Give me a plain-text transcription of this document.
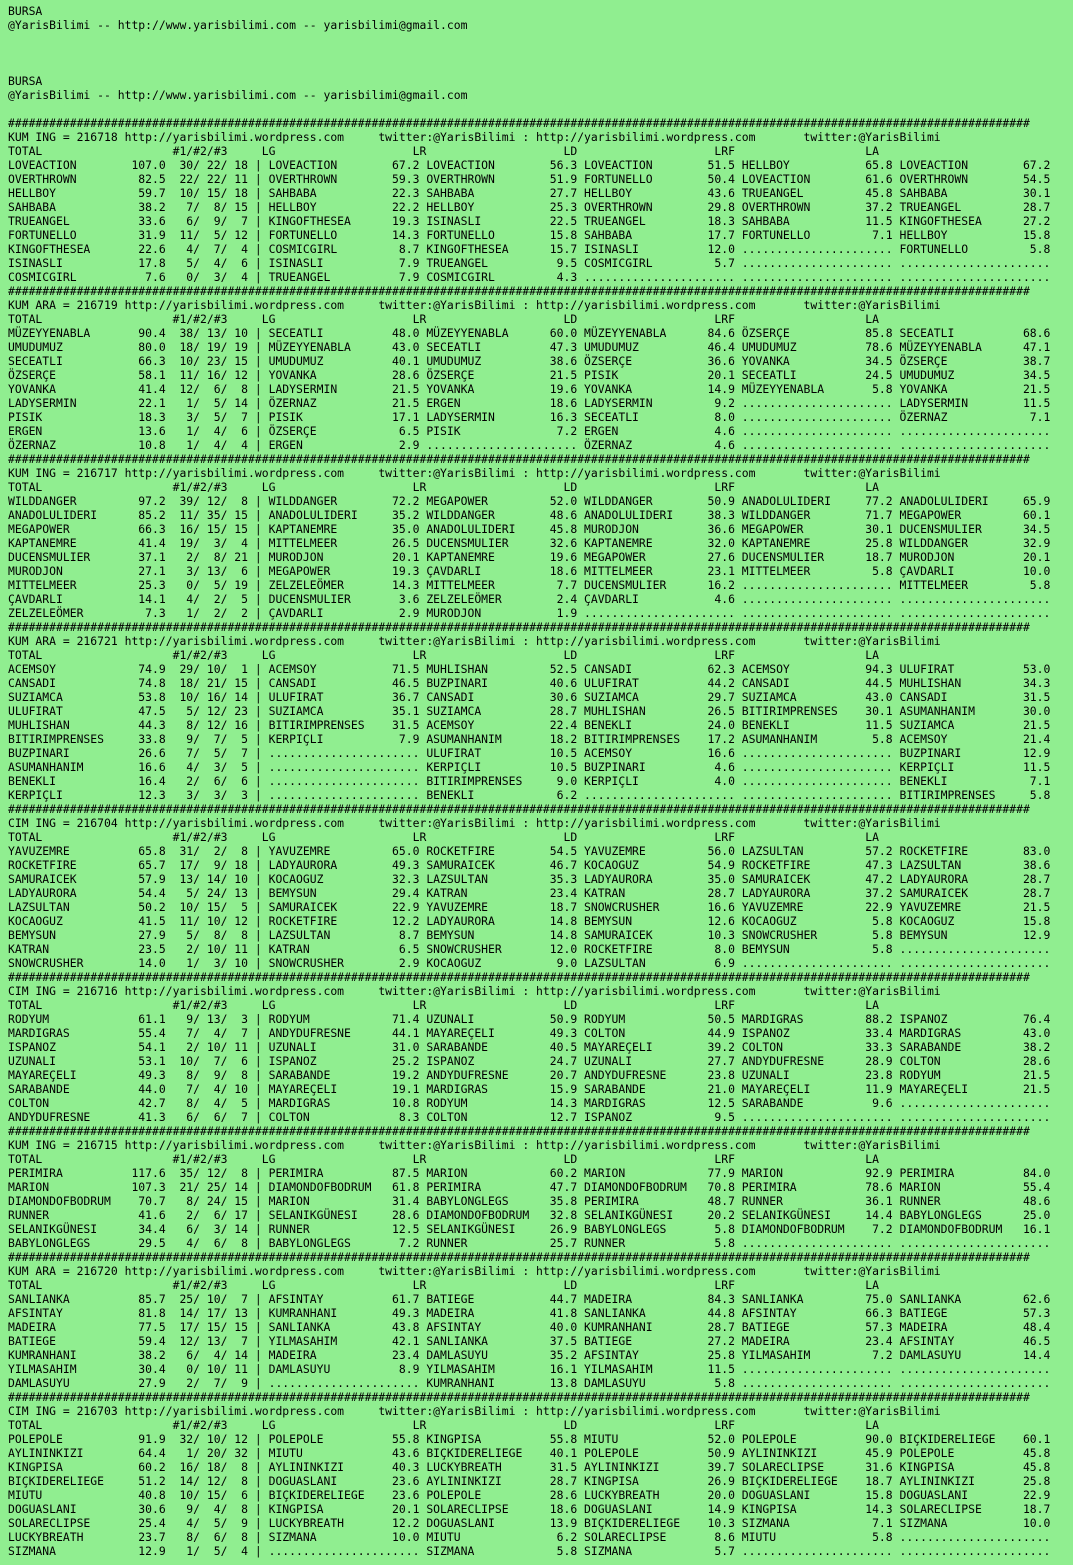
BURSA
@YarisBilimi -- http://www.yarisbilimi.com -- yarisbilimi@gmail.com

BURSA
@YarisBilimi -- http://www.yarisbilimi.com -- yarisbilimi@gmail.com

#####################################################################################################################################################
KUM ING = 216718 http://yarisbilimi.wordpress.com     twitter:@YarisBilimi : http://yarisbilimi.wordpress.com       twitter:@YarisBilimi
TOTAL                   #1/#2/#3     LG                    LR                    LD                    LRF                   LA
LOVEACTION        107.0  30/ 22/ 18 | LOVEACTION        67.2 LOVEACTION        56.3 LOVEACTION        51.5 HELLBOY           65.8 LOVEACTION        67.2
OVERTHROWN         82.5  22/ 22/ 11 | OVERTHROWN        59.3 OVERTHROWN        51.9 FORTUNELLO        50.4 LOVEACTION        61.6 OVERTHROWN        54.5
HELLBOY            59.7  10/ 15/ 18 | SAHBABA           22.3 SAHBABA           27.7 HELLBOY           43.6 TRUEANGEL         45.8 SAHBABA           30.1
SAHBABA            38.2   7/  8/ 15 | HELLBOY           22.2 HELLBOY           25.3 OVERTHROWN        29.8 OVERTHROWN        37.2 TRUEANGEL         28.7
TRUEANGEL          33.6   6/  9/  7 | KINGOFTHESEA      19.3 ISINASLI          22.5 TRUEANGEL         18.3 SAHBABA           11.5 KINGOFTHESEA      27.2
FORTUNELLO         31.9  11/  5/ 12 | FORTUNELLO        14.3 FORTUNELLO        15.8 SAHBABA           17.7 FORTUNELLO         7.1 HELLBOY           15.8
KINGOFTHESEA       22.6   4/  7/  4 | COSMICGIRL         8.7 KINGOFTHESEA      15.7 ISINASLI          12.0 ...................... FORTUNELLO         5.8
ISINASLI           17.8   5/  4/  6 | ISINASLI           7.9 TRUEANGEL          9.5 COSMICGIRL         5.7 ...................... ......................
COSMICGIRL          7.6   0/  3/  4 | TRUEANGEL          7.9 COSMICGIRL         4.3 ...................... ...................... ......................
#####################################################################################################################################################
KUM ARA = 216719 http://yarisbilimi.wordpress.com     twitter:@YarisBilimi : http://yarisbilimi.wordpress.com       twitter:@YarisBilimi
TOTAL                   #1/#2/#3     LG                    LR                    LD                    LRF                   LA
MÜZEYYENABLA       90.4  38/ 13/ 10 | SECEATLI          48.0 MÜZEYYENABLA      60.0 MÜZEYYENABLA      84.6 ÖZSERÇE           85.8 SECEATLI          68.6
UMUDUMUZ           80.0  18/ 19/ 19 | MÜZEYYENABLA      43.0 SECEATLI          47.3 UMUDUMUZ          46.4 UMUDUMUZ          78.6 MÜZEYYENABLA      47.1
SECEATLI           66.3  10/ 23/ 15 | UMUDUMUZ          40.1 UMUDUMUZ          38.6 ÖZSERÇE           36.6 YOVANKA           34.5 ÖZSERÇE           38.7
ÖZSERÇE            58.1  11/ 16/ 12 | YOVANKA           28.6 ÖZSERÇE           21.5 PISIK             20.1 SECEATLI          24.5 UMUDUMUZ          34.5
YOVANKA            41.4  12/  6/  8 | LADYSERMIN        21.5 YOVANKA           19.6 YOVANKA           14.9 MÜZEYYENABLA       5.8 YOVANKA           21.5
LADYSERMIN         22.1   1/  5/ 14 | ÖZERNAZ           21.5 ERGEN             18.6 LADYSERMIN         9.2 ...................... LADYSERMIN        11.5
PISIK              18.3   3/  5/  7 | PISIK             17.1 LADYSERMIN        16.3 SECEATLI           8.0 ...................... ÖZERNAZ            7.1
ERGEN              13.6   1/  4/  6 | ÖZSERÇE            6.5 PISIK              7.2 ERGEN              4.6 ...................... ......................
ÖZERNAZ            10.8   1/  4/  4 | ERGEN              2.9 ...................... ÖZERNAZ            4.6 ...................... ......................
#####################################################################################################################################################
KUM ING = 216717 http://yarisbilimi.wordpress.com     twitter:@YarisBilimi : http://yarisbilimi.wordpress.com       twitter:@YarisBilimi
TOTAL                   #1/#2/#3     LG                    LR                    LD                    LRF                   LA
WILDDANGER         97.2  39/ 12/  8 | WILDDANGER        72.2 MEGAPOWER         52.0 WILDDANGER        50.9 ANADOLULIDERI     77.2 ANADOLULIDERI     65.9
ANADOLULIDERI      85.2  11/ 35/ 15 | ANADOLULIDERI     35.2 WILDDANGER        48.6 ANADOLULIDERI     38.3 WILDDANGER        71.7 MEGAPOWER         60.1
MEGAPOWER          66.3  16/ 15/ 15 | KAPTANEMRE        35.0 ANADOLULIDERI     45.8 MURODJON          36.6 MEGAPOWER         30.1 DUCENSMULIER      34.5
KAPTANEMRE         41.4  19/  3/  4 | MITTELMEER        26.5 DUCENSMULIER      32.6 KAPTANEMRE        32.0 KAPTANEMRE        25.8 WILDDANGER        32.9
DUCENSMULIER       37.1   2/  8/ 21 | MURODJON          20.1 KAPTANEMRE        19.6 MEGAPOWER         27.6 DUCENSMULIER      18.7 MURODJON          20.1
MURODJON           27.1   3/ 13/  6 | MEGAPOWER         19.3 ÇAVDARLI          18.6 MITTELMEER        23.1 MITTELMEER         5.8 ÇAVDARLI          10.0
MITTELMEER         25.3   0/  5/ 19 | ZELZELEÖMER       14.3 MITTELMEER         7.7 DUCENSMULIER      16.2 ...................... MITTELMEER         5.8
ÇAVDARLI           14.1   4/  2/  5 | DUCENSMULIER       3.6 ZELZELEÖMER        2.4 ÇAVDARLI           4.6 ...................... ......................
ZELZELEÖMER         7.3   1/  2/  2 | ÇAVDARLI           2.9 MURODJON           1.9 ...................... ...................... ......................
#####################################################################################################################################################
KUM ARA = 216721 http://yarisbilimi.wordpress.com     twitter:@YarisBilimi : http://yarisbilimi.wordpress.com       twitter:@YarisBilimi
TOTAL                   #1/#2/#3     LG                    LR                    LD                    LRF                   LA
ACEMSOY            74.9  29/ 10/  1 | ACEMSOY           71.5 MUHLISHAN         52.5 CANSADI           62.3 ACEMSOY           94.3 ULUFIRAT          53.0
CANSADI            74.8  18/ 21/ 15 | CANSADI           46.5 BUZPINARI         40.6 ULUFIRAT          44.2 CANSADI           44.5 MUHLISHAN         34.3
SUZIAMCA           53.8  10/ 16/ 14 | ULUFIRAT          36.7 CANSADI           30.6 SUZIAMCA          29.7 SUZIAMCA          43.0 CANSADI           31.5
ULUFIRAT           47.5   5/ 12/ 23 | SUZIAMCA          35.1 SUZIAMCA          28.7 MUHLISHAN         26.5 BITIRIMPRENSES    30.1 ASUMANHANIM       30.0
MUHLISHAN          44.3   8/ 12/ 16 | BITIRIMPRENSES    31.5 ACEMSOY           22.4 BENEKLI           24.0 BENEKLI           11.5 SUZIAMCA          21.5
BITIRIMPRENSES     33.8   9/  7/  5 | KERPIÇLI           7.9 ASUMANHANIM       18.2 BITIRIMPRENSES    17.2 ASUMANHANIM        5.8 ACEMSOY           21.4
BUZPINARI          26.6   7/  5/  7 | ...................... ULUFIRAT          10.5 ACEMSOY           16.6 ...................... BUZPINARI         12.9
ASUMANHANIM        16.6   4/  3/  5 | ...................... KERPIÇLI          10.5 BUZPINARI          4.6 ...................... KERPIÇLI          11.5
BENEKLI            16.4   2/  6/  6 | ...................... BITIRIMPRENSES     9.0 KERPIÇLI           4.0 ...................... BENEKLI            7.1
KERPIÇLI           12.3   3/  3/  3 | ...................... BENEKLI            6.2 ...................... ...................... BITIRIMPRENSES     5.8
#####################################################################################################################################################
CIM ING = 216704 http://yarisbilimi.wordpress.com     twitter:@YarisBilimi : http://yarisbilimi.wordpress.com       twitter:@YarisBilimi
TOTAL                   #1/#2/#3     LG                    LR                    LD                    LRF                   LA
YAVUZEMRE          65.8  31/  2/  8 | YAVUZEMRE         65.0 ROCKETFIRE        54.5 YAVUZEMRE         56.0 LAZSULTAN         57.2 ROCKETFIRE        83.0
ROCKETFIRE         65.7  17/  9/ 18 | LADYAURORA        49.3 SAMURAICEK        46.7 KOCAOGUZ          54.9 ROCKETFIRE        47.3 LAZSULTAN         38.6
SAMURAICEK         57.9  13/ 14/ 10 | KOCAOGUZ          32.3 LAZSULTAN         35.3 LADYAURORA        35.0 SAMURAICEK        47.2 LADYAURORA        28.7
LADYAURORA         54.4   5/ 24/ 13 | BEMYSUN           29.4 KATRAN            23.4 KATRAN            28.7 LADYAURORA        37.2 SAMURAICEK        28.7
LAZSULTAN          50.2  10/ 15/  5 | SAMURAICEK        22.9 YAVUZEMRE         18.7 SNOWCRUSHER       16.6 YAVUZEMRE         22.9 YAVUZEMRE         21.5
KOCAOGUZ           41.5  11/ 10/ 12 | ROCKETFIRE        12.2 LADYAURORA        14.8 BEMYSUN           12.6 KOCAOGUZ           5.8 KOCAOGUZ          15.8
BEMYSUN            27.9   5/  8/  8 | LAZSULTAN          8.7 BEMYSUN           14.8 SAMURAICEK        10.3 SNOWCRUSHER        5.8 BEMYSUN           12.9
KATRAN             23.5   2/ 10/ 11 | KATRAN             6.5 SNOWCRUSHER       12.0 ROCKETFIRE         8.0 BEMYSUN            5.8 ......................
SNOWCRUSHER        14.0   1/  3/ 10 | SNOWCRUSHER        2.9 KOCAOGUZ           9.0 LAZSULTAN          6.9 ...................... ......................
#####################################################################################################################################################
CIM ING = 216716 http://yarisbilimi.wordpress.com     twitter:@YarisBilimi : http://yarisbilimi.wordpress.com       twitter:@YarisBilimi
TOTAL                   #1/#2/#3     LG                    LR                    LD                    LRF                   LA
RODYUM             61.1   9/ 13/  3 | RODYUM            71.4 UZUNALI           50.9 RODYUM            50.5 MARDIGRAS         88.2 ISPANOZ           76.4
MARDIGRAS          55.4   7/  4/  7 | ANDYDUFRESNE      44.1 MAYAREÇELI        49.3 COLTON            44.9 ISPANOZ           33.4 MARDIGRAS         43.0
ISPANOZ            54.1   2/ 10/ 11 | UZUNALI           31.0 SARABANDE         40.5 MAYAREÇELI        39.2 COLTON            33.3 SARABANDE         38.2
UZUNALI            53.1  10/  7/  6 | ISPANOZ           25.2 ISPANOZ           24.7 UZUNALI           27.7 ANDYDUFRESNE      28.9 COLTON            28.6
MAYAREÇELI         49.3   8/  9/  8 | SARABANDE         19.2 ANDYDUFRESNE      20.7 ANDYDUFRESNE      23.8 UZUNALI           23.8 RODYUM            21.5
SARABANDE          44.0   7/  4/ 10 | MAYAREÇELI        19.1 MARDIGRAS         15.9 SARABANDE         21.0 MAYAREÇELI        11.9 MAYAREÇELI        21.5
COLTON             42.7   8/  4/  5 | MARDIGRAS         10.8 RODYUM            14.3 MARDIGRAS         12.5 SARABANDE          9.6 ......................
ANDYDUFRESNE       41.3   6/  6/  7 | COLTON             8.3 COLTON            12.7 ISPANOZ            9.5 ...................... ......................
#####################################################################################################################################################
KUM ING = 216715 http://yarisbilimi.wordpress.com     twitter:@YarisBilimi : http://yarisbilimi.wordpress.com       twitter:@YarisBilimi
TOTAL                   #1/#2/#3     LG                    LR                    LD                    LRF                   LA
PERIMIRA          117.6  35/ 12/  8 | PERIMIRA          87.5 MARION            60.2 MARION            77.9 MARION            92.9 PERIMIRA          84.0
MARION            107.3  21/ 25/ 14 | DIAMONDOFBODRUM   61.8 PERIMIRA          47.7 DIAMONDOFBODRUM   70.8 PERIMIRA          78.6 MARION            55.4
DIAMONDOFBODRUM    70.7   8/ 24/ 15 | MARION            31.4 BABYLONGLEGS      35.8 PERIMIRA          48.7 RUNNER            36.1 RUNNER            48.6
RUNNER             41.6   2/  6/ 17 | SELANIKGÜNESI     28.6 DIAMONDOFBODRUM   32.8 SELANIKGÜNESI     20.2 SELANIKGÜNESI     14.4 BABYLONGLEGS      25.0
SELANIKGÜNESI      34.4   6/  3/ 14 | RUNNER            12.5 SELANIKGÜNESI     26.9 BABYLONGLEGS       5.8 DIAMONDOFBODRUM    7.2 DIAMONDOFBODRUM   16.1
BABYLONGLEGS       29.5   4/  6/  8 | BABYLONGLEGS       7.2 RUNNER            25.7 RUNNER             5.8 ...................... ......................
#####################################################################################################################################################
KUM ARA = 216720 http://yarisbilimi.wordpress.com     twitter:@YarisBilimi : http://yarisbilimi.wordpress.com       twitter:@YarisBilimi
TOTAL                   #1/#2/#3     LG                    LR                    LD                    LRF                   LA
SANLIANKA          85.7  25/ 10/  7 | AFSINTAY          61.7 BATIEGE           44.7 MADEIRA           84.3 SANLIANKA         75.0 SANLIANKA         62.6
AFSINTAY           81.8  14/ 17/ 13 | KUMRANHANI        49.3 MADEIRA           41.8 SANLIANKA         44.8 AFSINTAY          66.3 BATIEGE           57.3
MADEIRA            77.5  17/ 15/ 15 | SANLIANKA         43.8 AFSINTAY          40.0 KUMRANHANI        28.7 BATIEGE           57.3 MADEIRA           48.4
BATIEGE            59.4  12/ 13/  7 | YILMASAHIM        42.1 SANLIANKA         37.5 BATIEGE           27.2 MADEIRA           23.4 AFSINTAY          46.5
KUMRANHANI         38.2   6/  4/ 14 | MADEIRA           23.4 DAMLASUYU         35.2 AFSINTAY          25.8 YILMASAHIM         7.2 DAMLASUYU         14.4
YILMASAHIM         30.4   0/ 10/ 11 | DAMLASUYU          8.9 YILMASAHIM        16.1 YILMASAHIM        11.5 ...................... ......................
DAMLASUYU          27.9   2/  7/  9 | ...................... KUMRANHANI        13.8 DAMLASUYU          5.8 ...................... ......................
#####################################################################################################################################################
CIM ING = 216703 http://yarisbilimi.wordpress.com     twitter:@YarisBilimi : http://yarisbilimi.wordpress.com       twitter:@YarisBilimi
TOTAL                   #1/#2/#3     LG                    LR                    LD                    LRF                   LA
POLEPOLE           91.9  32/ 10/ 12 | POLEPOLE          55.8 KINGPISA          55.8 MIUTU             52.0 POLEPOLE          90.0 BIÇKIDERELIEGE    60.1
AYLININKIZI        64.4   1/ 20/ 32 | MIUTU             43.6 BIÇKIDERELIEGE    40.1 POLEPOLE          50.9 AYLININKIZI       45.9 POLEPOLE          45.8
KINGPISA           60.2  16/ 18/  8 | AYLININKIZI       40.3 LUCKYBREATH       31.5 AYLININKIZI       39.7 SOLARECLIPSE      31.6 KINGPISA          45.8
BIÇKIDERELIEGE     51.2  14/ 12/  8 | DOGUASLANI        23.6 AYLININKIZI       28.7 KINGPISA          26.9 BIÇKIDERELIEGE    18.7 AYLININKIZI       25.8
MIUTU              40.8  10/ 15/  6 | BIÇKIDERELIEGE    23.6 POLEPOLE          28.6 LUCKYBREATH       20.0 DOGUASLANI        15.8 DOGUASLANI        22.9
DOGUASLANI         30.6   9/  4/  8 | KINGPISA          20.1 SOLARECLIPSE      18.6 DOGUASLANI        14.9 KINGPISA          14.3 SOLARECLIPSE      18.7
SOLARECLIPSE       25.4   4/  5/  9 | LUCKYBREATH       12.2 DOGUASLANI        13.9 BIÇKIDERELIEGE    10.3 SIZMANA            7.1 SIZMANA           10.0
LUCKYBREATH        23.7   8/  6/  8 | SIZMANA           10.0 MIUTU              6.2 SOLARECLIPSE       8.6 MIUTU              5.8 ......................
SIZMANA            12.9   1/  5/  4 | ...................... SIZMANA            5.8 SIZMANA            5.7 ...................... ......................
